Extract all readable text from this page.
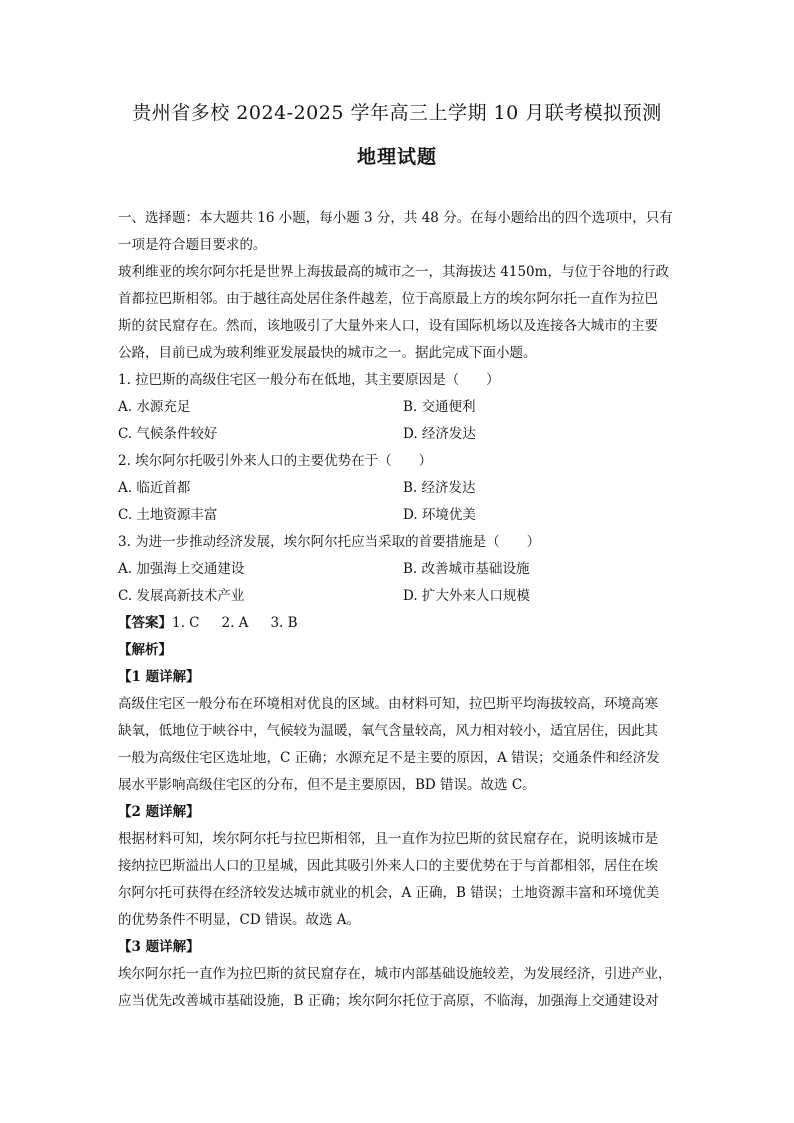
贵州省多校 2024-2025 学年高三上学期 10 月联考模拟预测
地理试题

一、选择题：本大题共 16 小题，每小题 3 分，共 48 分。在每小题给出的四个选项中，只有

一项是符合题目要求的。

玻利维亚的埃尔阿尔托是世界上海拔最高的城市之一，其海拔达 4150m，与位于谷地的行政

首都拉巴斯相邻。由于越往高处居住条件越差，位于高原最上方的埃尔阿尔托一直作为拉巴

斯的贫民窟存在。然而，该地吸引了大量外来人口，设有国际机场以及连接各大城市的主要

公路，目前已成为玻利维亚发展最快的城市之一。据此完成下面小题。

1. 拉巴斯的高级住宅区一般分布在低地，其主要原因是（　　）

A. 水源充足	B. 交通便利
C. 气候条件较好	D. 经济发达

2. 埃尔阿尔托吸引外来人口的主要优势在于（　　）

A. 临近首都	B. 经济发达
C. 土地资源丰富	D. 环境优美

3. 为进一步推动经济发展，埃尔阿尔托应当采取的首要措施是（　　）

A. 加强海上交通建设	B. 改善城市基础设施
C. 发展高新技术产业	D. 扩大外来人口规模

【答案】1. C 2. A 3. B

【解析】

【1 题详解】

高级住宅区一般分布在环境相对优良的区域。由材料可知，拉巴斯平均海拔较高，环境高寒

缺氧，低地位于峡谷中，气候较为温暖，氧气含量较高，风力相对较小，适宜居住，因此其

一般为高级住宅区选址地，C 正确；水源充足不是主要的原因，A 错误；交通条件和经济发

展水平影响高级住宅区的分布，但不是主要原因，BD 错误。故选 C。

【2 题详解】

根据材料可知，埃尔阿尔托与拉巴斯相邻，且一直作为拉巴斯的贫民窟存在，说明该城市是

接纳拉巴斯溢出人口的卫星城，因此其吸引外来人口的主要优势在于与首都相邻，居住在埃

尔阿尔托可获得在经济较发达城市就业的机会，A 正确，B 错误；土地资源丰富和环境优美

的优势条件不明显，CD 错误。故选 A。

【3 题详解】

埃尔阿尔托一直作为拉巴斯的贫民窟存在，城市内部基础设施较差，为发展经济，引进产业，

应当优先改善城市基础设施，B 正确；埃尔阿尔托位于高原，不临海，加强海上交通建设对
